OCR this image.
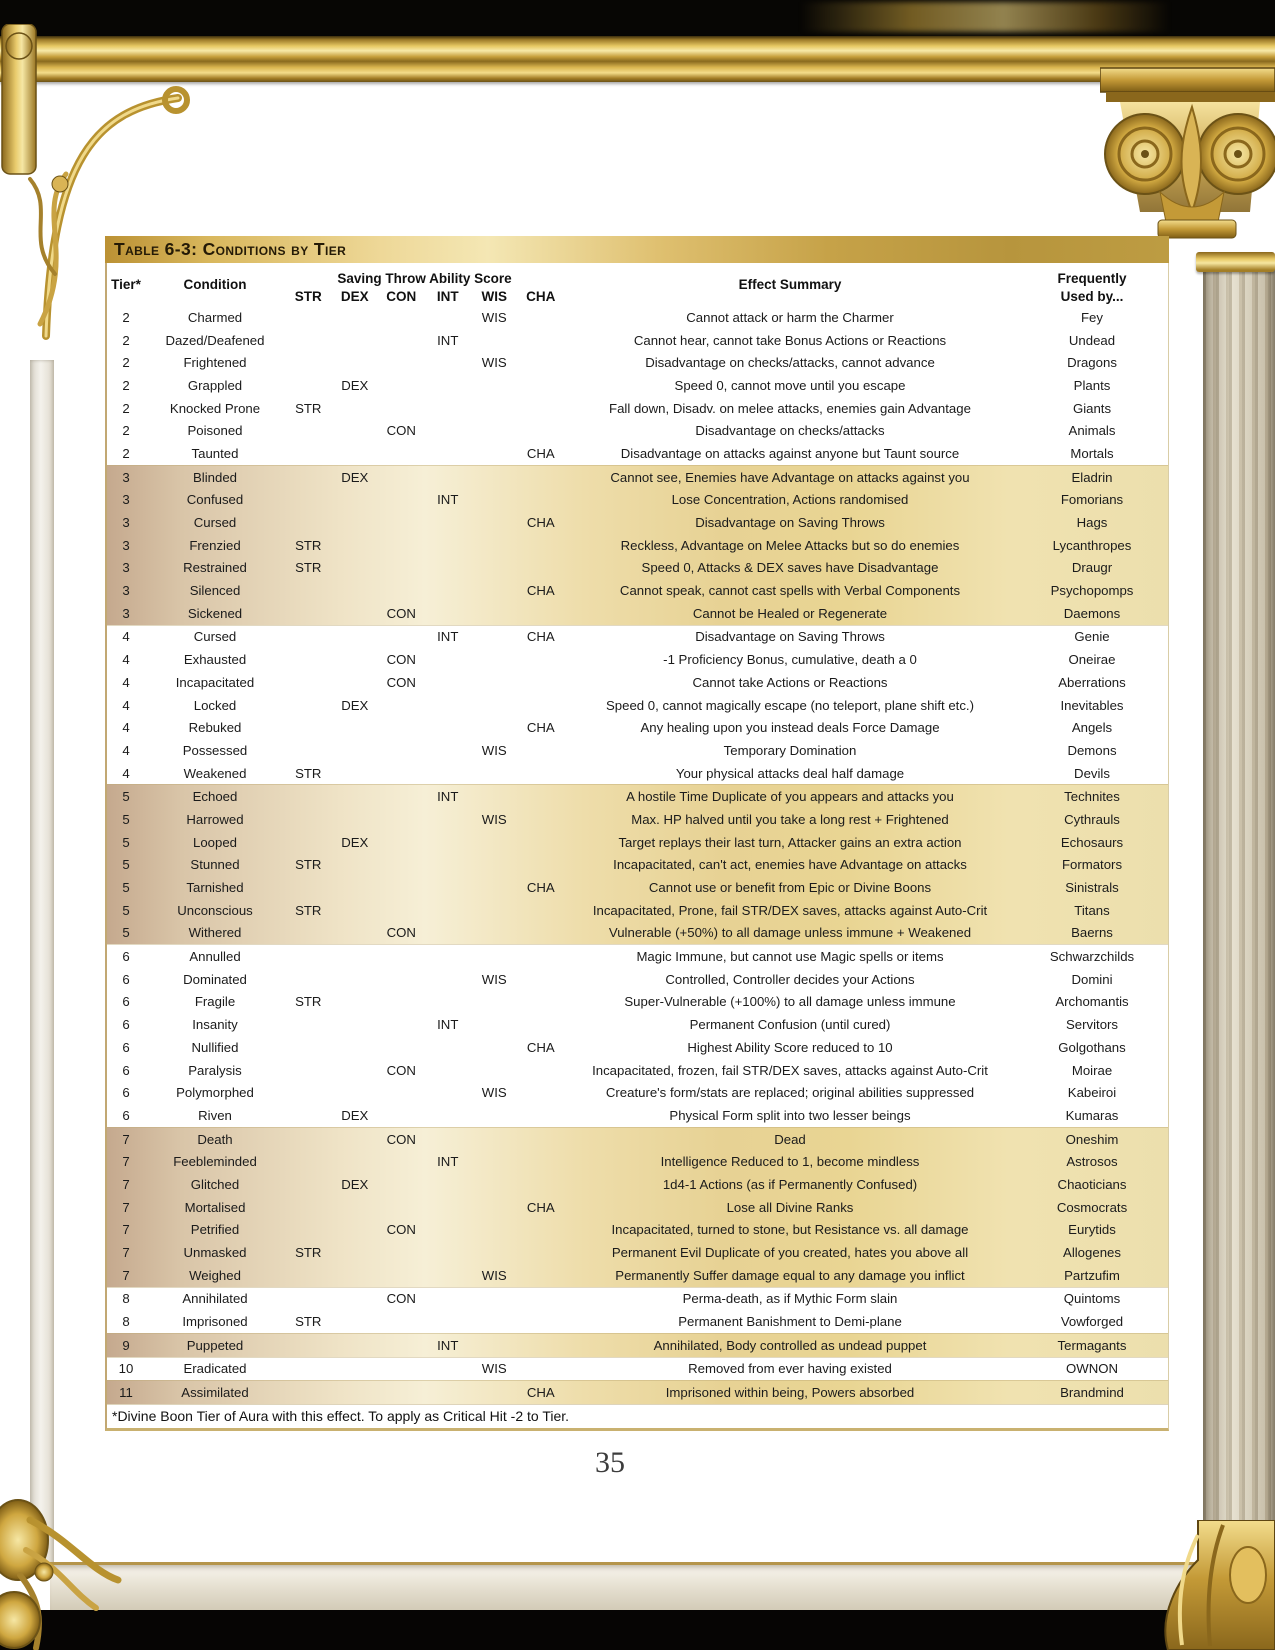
35
Table 6-3: Conditions by Tier
Tier*	Condition	Saving Throw Ability Score
STR	DEX	CON	INT	WIS	CHA
Effect Summary	Frequently
Used by...
2	Charmed	WIS	Cannot attack or harm the Charmer	Fey
2	Dazed/Deafened	INT	Cannot hear, cannot take Bonus Actions or Reactions	Undead
2	Frightened	WIS	Disadvantage on checks/attacks, cannot advance	Dragons
2	Grappled	DEX	Speed 0, cannot move until you escape	Plants
2	Knocked Prone	STR	Fall down, Disadv. on melee attacks, enemies gain Advantage	Giants
2	Poisoned	CON	Disadvantage on checks/attacks	Animals
2	Taunted	CHA	Disadvantage on attacks against anyone but Taunt source	Mortals
3	Blinded	DEX	Cannot see, Enemies have Advantage on attacks against you	Eladrin
3	Confused	INT	Lose Concentration, Actions randomised	Fomorians
3	Cursed	CHA	Disadvantage on Saving Throws	Hags
3	Frenzied	STR	Reckless, Advantage on Melee Attacks but so do enemies	Lycanthropes
3	Restrained	STR	Speed 0, Attacks & DEX saves have Disadvantage	Draugr
3	Silenced	CHA	Cannot speak, cannot cast spells with Verbal Components	Psychopomps
3	Sickened	CON	Cannot be Healed or Regenerate	Daemons
4	Cursed	INT	CHA	Disadvantage on Saving Throws	Genie
4	Exhausted	CON	-1 Proficiency Bonus, cumulative, death a 0	Oneirae
4	Incapacitated	CON	Cannot take Actions or Reactions	Aberrations
4	Locked	DEX	Speed 0, cannot magically escape (no teleport, plane shift etc.)	Inevitables
4	Rebuked	CHA	Any healing upon you instead deals Force Damage	Angels
4	Possessed	WIS	Temporary Domination	Demons
4	Weakened	STR	Your physical attacks deal half damage	Devils
5	Echoed	INT	A hostile Time Duplicate of you appears and attacks you	Technites
5	Harrowed	WIS	Max. HP halved until you take a long rest + Frightened	Cythrauls
5	Looped	DEX	Target replays their last turn, Attacker gains an extra action	Echosaurs
5	Stunned	STR	Incapacitated, can't act, enemies have Advantage on attacks	Formators
5	Tarnished	CHA	Cannot use or benefit from Epic or Divine Boons	Sinistrals
5	Unconscious	STR	Incapacitated, Prone, fail STR/DEX saves, attacks against Auto-Crit	Titans
5	Withered	CON	Vulnerable (+50%) to all damage unless immune + Weakened	Baerns
6	Annulled	Magic Immune, but cannot use Magic spells or items	Schwarzchilds
6	Dominated	WIS	Controlled, Controller decides your Actions	Domini
6	Fragile	STR	Super-Vulnerable (+100%) to all damage unless immune	Archomantis
6	Insanity	INT	Permanent Confusion (until cured)	Servitors
6	Nullified	CHA	Highest Ability Score reduced to 10	Golgothans
6	Paralysis	CON	Incapacitated, frozen, fail STR/DEX saves, attacks against Auto-Crit	Moirae
6	Polymorphed	WIS	Creature's form/stats are replaced; original abilities suppressed	Kabeiroi
6	Riven	DEX	Physical Form split into two lesser beings	Kumaras
7	Death	CON	Dead	Oneshim
7	Feebleminded	INT	Intelligence Reduced to 1, become mindless	Astrosos
7	Glitched	DEX	1d4-1 Actions (as if Permanently Confused)	Chaoticians
7	Mortalised	CHA	Lose all Divine Ranks	Cosmocrats
7	Petrified	CON	Incapacitated, turned to stone, but Resistance vs. all damage	Eurytids
7	Unmasked	STR	Permanent Evil Duplicate of you created, hates you above all	Allogenes
7	Weighed	WIS	Permanently Suffer damage equal to any damage you inflict	Partzufim
8	Annihilated	CON	Perma-death, as if Mythic Form slain	Quintoms
8	Imprisoned	STR	Permanent Banishment to Demi-plane	Vowforged
9	Puppeted	INT	Annihilated, Body controlled as undead puppet	Termagants
10	Eradicated	WIS	Removed from ever having existed	OWNON
11	Assimilated	CHA	Imprisoned within being, Powers absorbed	Brandmind
*Divine Boon Tier of Aura with this effect. To apply as Critical Hit -2 to Tier.
